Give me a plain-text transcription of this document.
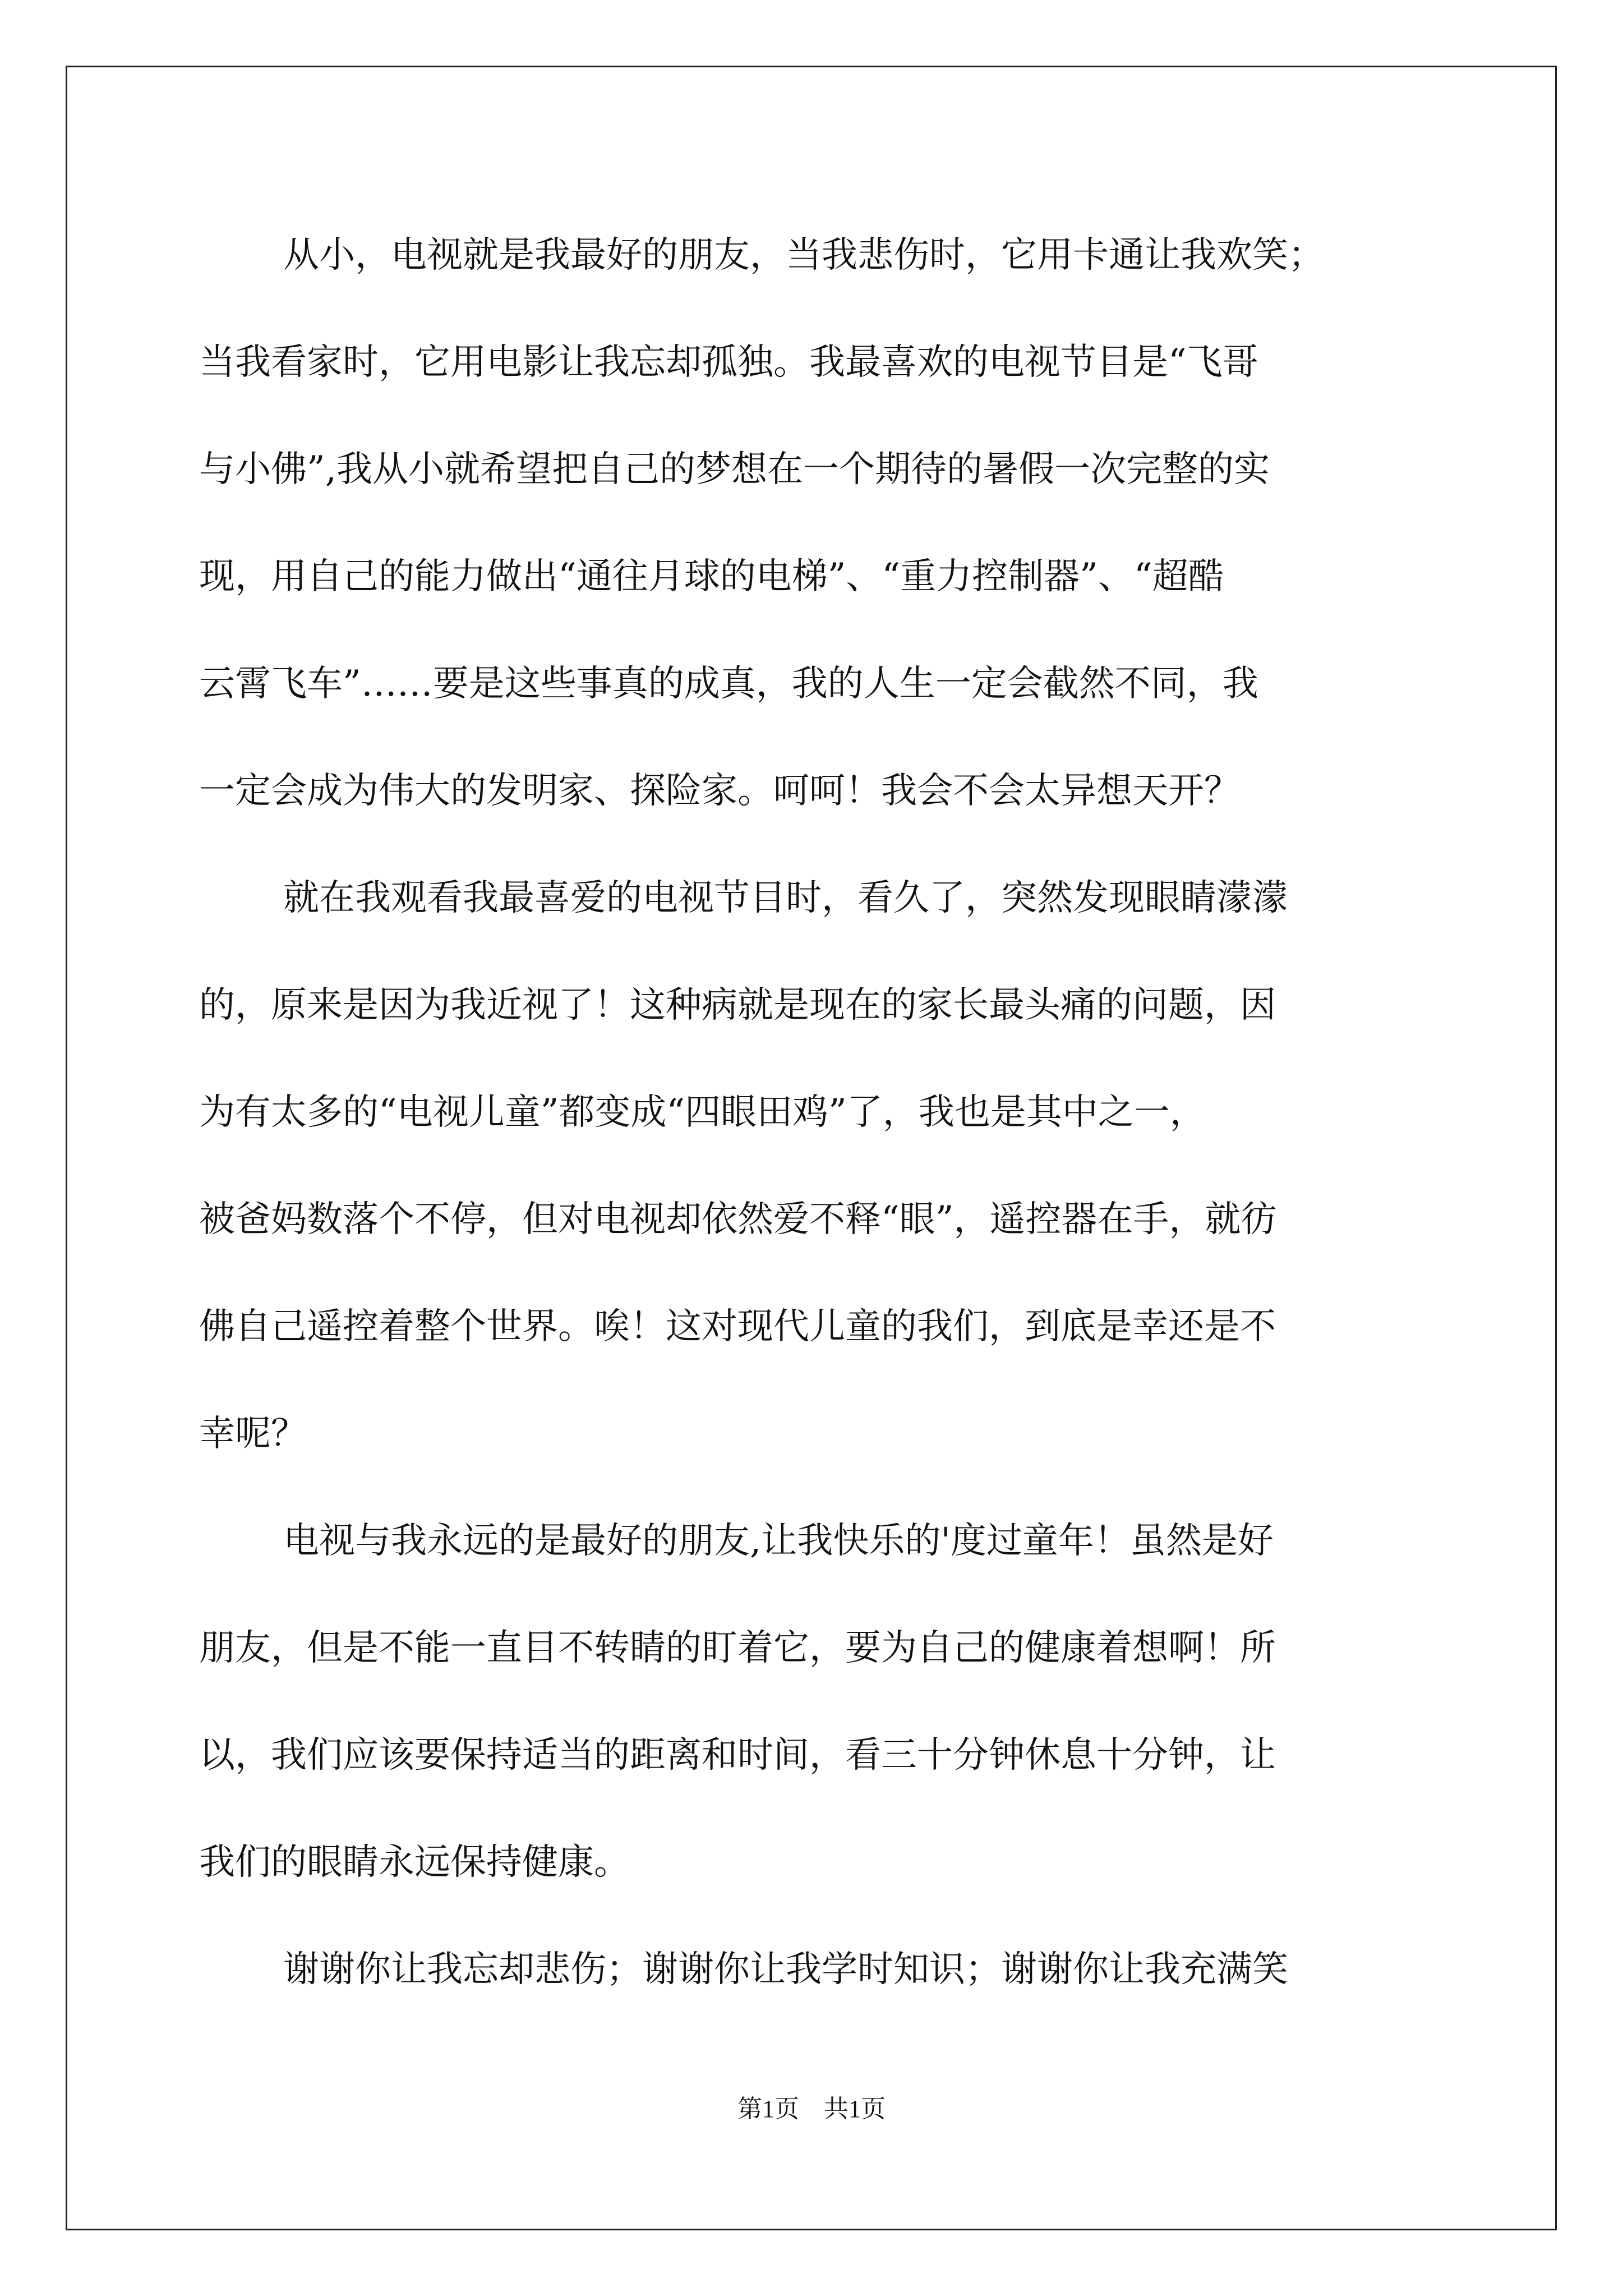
从小，电视就是我最好的朋友，当我悲伤时，它用卡通让我欢笑；
当我看家时，它用电影让我忘却孤独。我最喜欢的电视节目是“飞哥
与小佛”,我从小就希望把自己的梦想在一个期待的暑假一次完整的实
现，用自己的能力做出“通往月球的电梯”、“重力控制器”、“超酷
云霄飞车”……要是这些事真的成真，我的人生一定会截然不同，我
一定会成为伟大的发明家、探险家。呵呵！我会不会太异想天开？
就在我观看我最喜爱的电视节目时，看久了，突然发现眼睛濛濛
的，原来是因为我近视了！这种病就是现在的家长最头痛的问题，因
为有太多的“电视儿童”都变成“四眼田鸡”了，我也是其中之一，
被爸妈数落个不停，但对电视却依然爱不释“眼”，遥控器在手，就彷
佛自己遥控着整个世界。唉！这对现代儿童的我们，到底是幸还是不
幸呢？
电视与我永远的是最好的朋友,让我快乐的'度过童年！虽然是好
朋友，但是不能一直目不转睛的盯着它，要为自己的健康着想啊！所
以，我们应该要保持适当的距离和时间，看三十分钟休息十分钟，让
我们的眼睛永远保持健康。
谢谢你让我忘却悲伤；谢谢你让我学时知识；谢谢你让我充满笑
第1页 共1页
